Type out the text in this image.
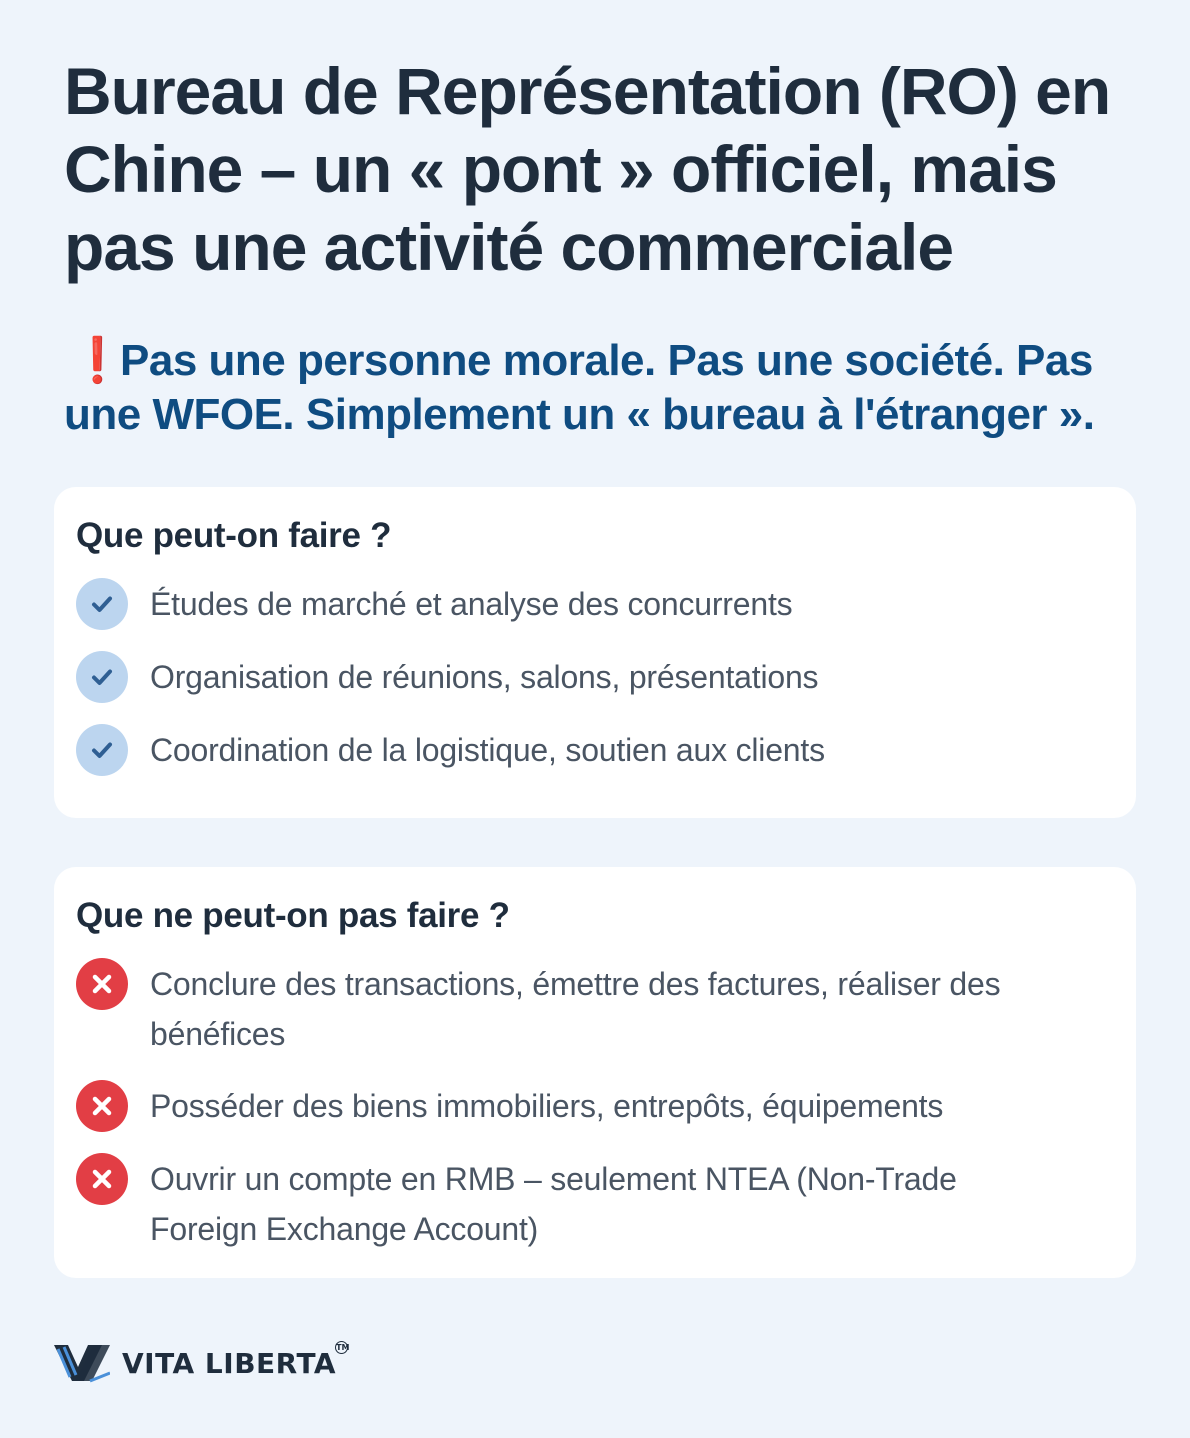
Bureau de Représentation (RO) en Chine – un « pont » officiel, mais pas une activité commerciale

❗Pas une personne morale. Pas une société. Pas une WFOE. Simplement un « bureau à l'étranger ».

Que peut-on faire ?
Études de marché et analyse des concurrents
Organisation de réunions, salons, présentations
Coordination de la logistique, soutien aux clients
Que ne peut-on pas faire ?
Conclure des transactions, émettre des factures, réaliser des bénéfices
Posséder des biens immobiliers, entrepôts, équipements
Ouvrir un compte en RMB – seulement NTEA (Non-Trade Foreign Exchange Account)
VITA LIBERTA TM
